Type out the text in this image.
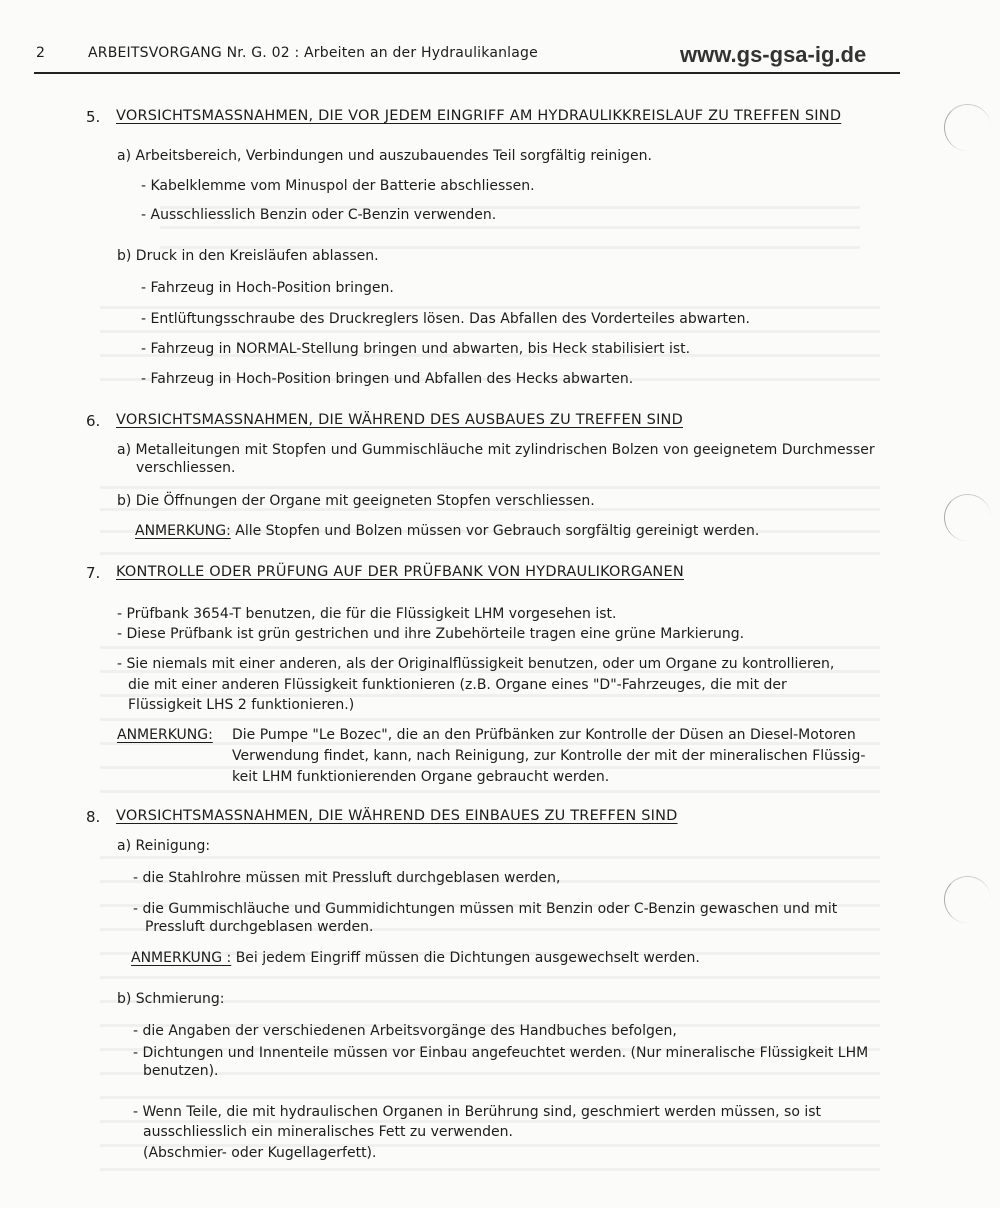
2	ARBEITSVORGANG Nr. G. 02 : Arbeiten an der Hydraulikanlage	www.gs-gsa-ig.de
5. VORSICHTSMASSNAHMEN, DIE VOR JEDEM EINGRIFF AM HYDRAULIKKREISLAUF ZU TREFFEN SIND
a) Arbeitsbereich, Verbindungen und auszubauendes Teil sorgfältig reinigen.
- Kabelklemme vom Minuspol der Batterie abschliessen.
- Ausschliesslich Benzin oder C-Benzin verwenden.
b) Druck in den Kreisläufen ablassen.
- Fahrzeug in Hoch-Position bringen.
- Entlüftungsschraube des Druckreglers lösen. Das Abfallen des Vorderteiles abwarten.
- Fahrzeug in NORMAL-Stellung bringen und abwarten, bis Heck stabilisiert ist.
- Fahrzeug in Hoch-Position bringen und Abfallen des Hecks abwarten.
6. VORSICHTSMASSNAHMEN, DIE WÄHREND DES AUSBAUES ZU TREFFEN SIND
a) Metalleitungen mit Stopfen und Gummischläuche mit zylindrischen Bolzen von geeignetem Durchmesser
verschliessen.
b) Die Öffnungen der Organe mit geeigneten Stopfen verschliessen.
ANMERKUNG: Alle Stopfen und Bolzen müssen vor Gebrauch sorgfältig gereinigt werden.
7. KONTROLLE ODER PRÜFUNG AUF DER PRÜFBANK VON HYDRAULIKORGANEN
- Prüfbank 3654-T benutzen, die für die Flüssigkeit LHM vorgesehen ist.
- Diese Prüfbank ist grün gestrichen und ihre Zubehörteile tragen eine grüne Markierung.
- Sie niemals mit einer anderen, als der Originalflüssigkeit benutzen, oder um Organe zu kontrollieren,
die mit einer anderen Flüssigkeit funktionieren (z.B. Organe eines "D"-Fahrzeuges, die mit der
Flüssigkeit LHS 2 funktionieren.)
ANMERKUNG: Die Pumpe "Le Bozec", die an den Prüfbänken zur Kontrolle der Düsen an Diesel-Motoren
Verwendung findet, kann, nach Reinigung, zur Kontrolle der mit der mineralischen Flüssig-
keit LHM funktionierenden Organe gebraucht werden.
8. VORSICHTSMASSNAHMEN, DIE WÄHREND DES EINBAUES ZU TREFFEN SIND
a) Reinigung:
- die Stahlrohre müssen mit Pressluft durchgeblasen werden,
- die Gummischläuche und Gummidichtungen müssen mit Benzin oder C-Benzin gewaschen und mit
Pressluft durchgeblasen werden.
ANMERKUNG : Bei jedem Eingriff müssen die Dichtungen ausgewechselt werden.
b) Schmierung:
- die Angaben der verschiedenen Arbeitsvorgänge des Handbuches befolgen,
- Dichtungen und Innenteile müssen vor Einbau angefeuchtet werden. (Nur mineralische Flüssigkeit LHM
benutzen).
- Wenn Teile, die mit hydraulischen Organen in Berührung sind, geschmiert werden müssen, so ist
ausschliesslich ein mineralisches Fett zu verwenden.
(Abschmier- oder Kugellagerfett).
